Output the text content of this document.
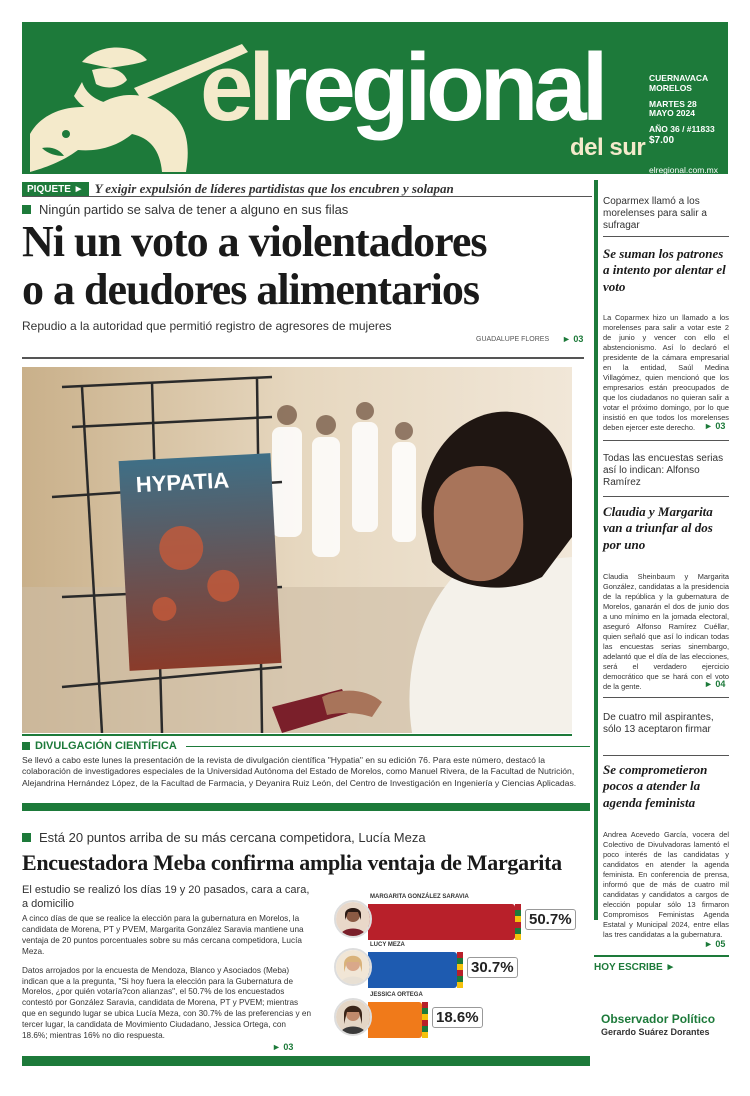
elregional
del sur
CUERNAVACA
MORELOS
MARTES 28
MAYO 2024
AÑO 36 / #11833
$7.00
elregional.com.mx
PIQUETE ► Y exigir expulsión de líderes partidistas que los encubren y solapan
Ningún partido se salva de tener a alguno en sus filas
Ni un voto a violentadores
o a deudores alimentarios
Repudio a la autoridad que permitió registro de agresores de mujeres
GUADALUPE FLORES ► 03
HYPATIA
DIVULGACIÓN CIENTÍFICA
Se llevó a cabo este lunes la presentación de la revista de divulgación científica "Hypatia" en su edición 76. Para este número, destacó la colaboración de investigadores especiales de la Universidad Autónoma del Estado de Morelos, como Manuel Rivera, de la Facultad de Nutrición, Alejandrina Hernández López, de la Facultad de Farmacia, y Deyanira Ruiz León, del Centro de Investigación en Ingeniería y Ciencias Aplicadas.
Está 20 puntos arriba de su más cercana competidora, Lucía Meza
Encuestadora Meba confirma amplia ventaja de Margarita
El estudio se realizó los días 19 y 20 pasados, cara a cara, a domicilio

A cinco días de que se realice la elección para la gubernatura en Morelos, la candidata de Morena, PT y PVEM, Margarita González Saravia mantiene una ventaja de 20 puntos porcentuales sobre su más cercana competidora, Lucía Meza.

Datos arrojados por la encuesta de Mendoza, Blanco y Asociados (Meba) indican que a la pregunta, "Si hoy fuera la elección para la Gubernatura de Morelos, ¿por quién votaría?con alianzas", el 50.7% de los encuestados contestó por González Saravia, candidata de Morena, PT y PVEM; mientras que en segundo lugar se ubica Lucía Meza, con 30.7% de las preferencias y en tercer lugar, la candidata de Movimiento Ciudadano, Jessica Ortega, con 18.6%; mientras 16% no dio respuesta.

► 03
MARGARITA GONZÁLEZ SARAVIA
50.7%
LUCY MEZA
30.7%
JESSICA ORTEGA
18.6%
Coparmex llamó a los morelenses para salir a sufragar
Se suman los patrones a intento por alentar el voto
La Coparmex hizo un llamado a los morelenses para salir a votar este 2 de junio y vencer con ello el abstencionismo. Así lo declaró el presidente de la cámara empresarial en la entidad, Saúl Medina Villagómez, quien mencionó que los empresarios están preocupados de que los ciudadanos no quieran salir a votar el próximo domingo, por lo que insistió en que todos los morelenses deben ejercer este derecho. ► 03
Todas las encuestas serias así lo indican: Alfonso Ramírez
Claudia y Margarita van a triunfar al dos por uno
Claudia Sheinbaum y Margarita González, candidatas a la presidencia de la república y la gubernatura de Morelos, ganarán el dos de junio dos a uno mínimo en la jornada electoral, aseguró Alfonso Ramírez Cuéllar, quien señaló que así lo indican todas las encuestas serias sinembargo, adelantó que el día de las elecciones, será el verdadero ejercicio democrático que se hará con el voto de la gente.	► 04
De cuatro mil aspirantes, sólo 13 aceptaron firmar
Se comprometieron pocos a atender la agenda feminista
Andrea Acevedo García, vocera del Colectivo de Divulvadoras lamentó el poco interés de las candidatas y candidatos en atender la agenda feminista. En conferencia de prensa, informó que de más de cuatro mil candidatas y candidatos a cargos de elección popular sólo 13 firmaron Compromisos Feministas Agenda Estatal y Municipal 2024, entre ellas las tres candidatas a la gubernatura.
► 05
HOY ESCRIBE ►
Observador Político
Gerardo Suárez Dorantes
